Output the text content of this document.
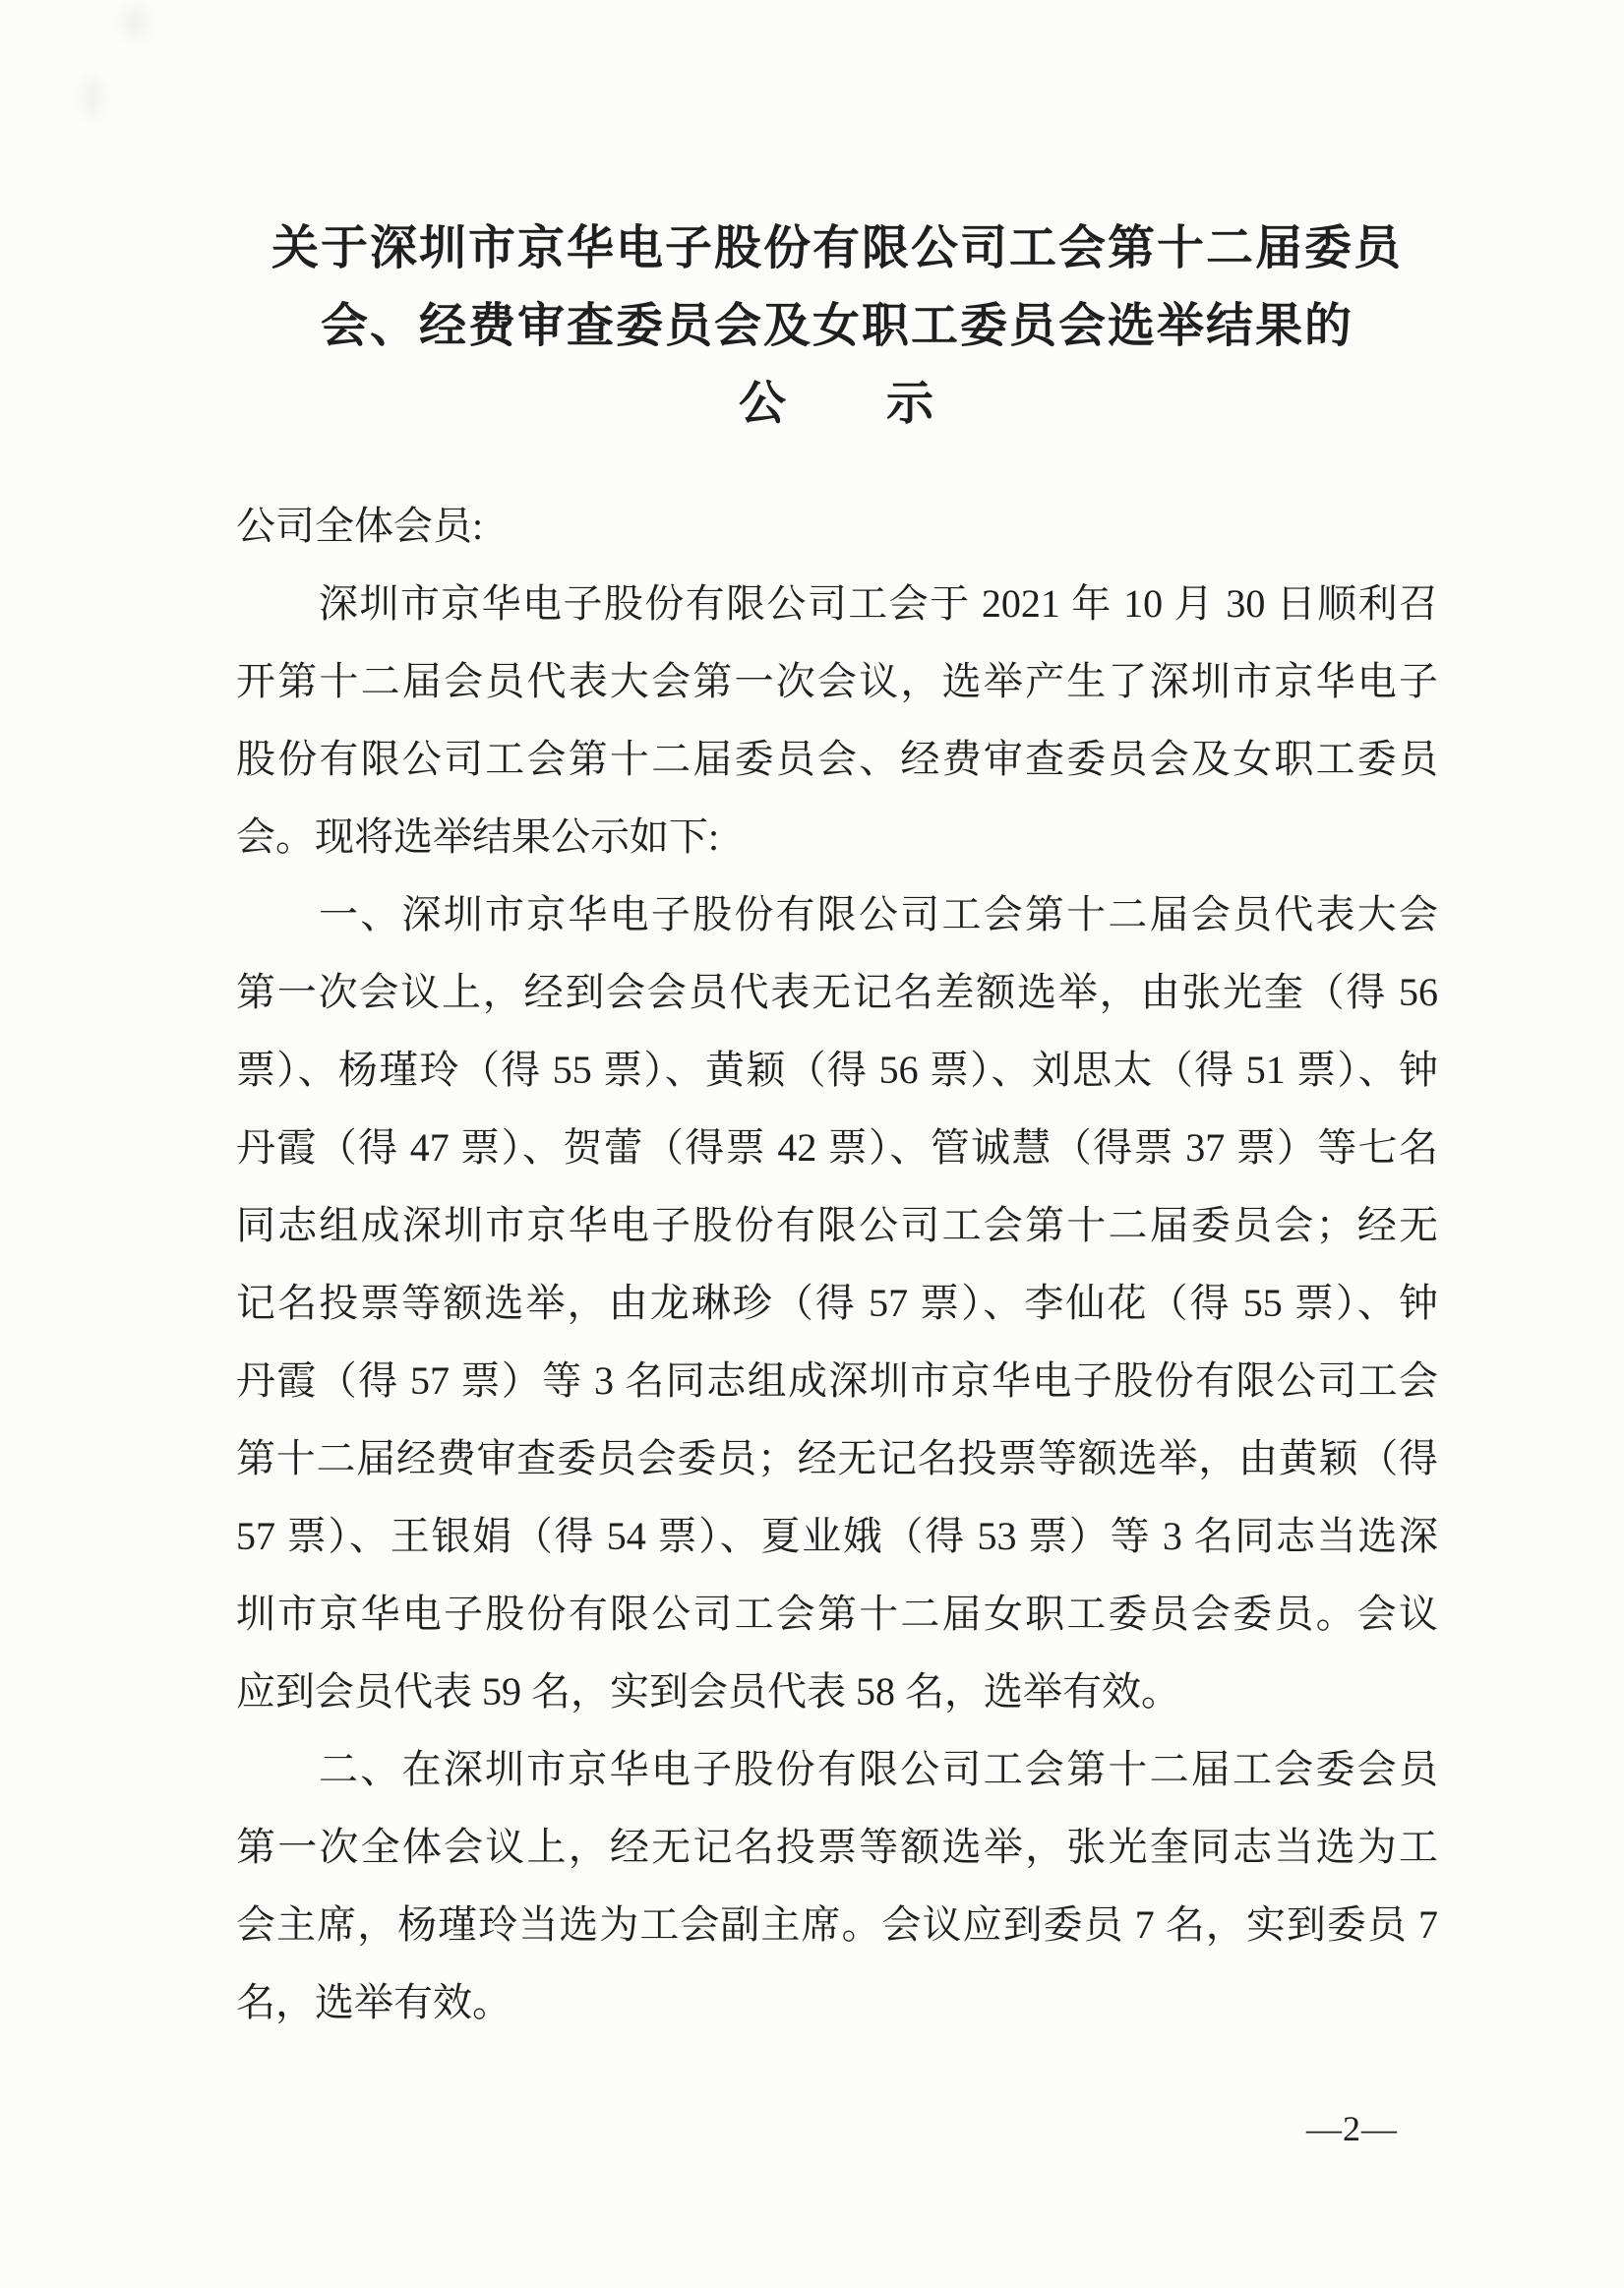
关于深圳市京华电子股份有限公司工会第十二届委员
会、经费审查委员会及女职工委员会选举结果的
公　　示
公司全体会员:
深圳市京华电子股份有限公司工会于 2021 年 10 月 30 日顺利召
开第十二届会员代表大会第一次会议，选举产生了深圳市京华电子
股份有限公司工会第十二届委员会、经费审查委员会及女职工委员
会。现将选举结果公示如下:
一、深圳市京华电子股份有限公司工会第十二届会员代表大会
第一次会议上，经到会会员代表无记名差额选举，由张光奎（得 56
票）、杨瑾玲（得 55 票）、黄颖（得 56 票）、刘思太（得 51 票）、钟
丹霞（得 47 票）、贺蕾（得票 42 票）、管诚慧（得票 37 票）等七名
同志组成深圳市京华电子股份有限公司工会第十二届委员会；经无
记名投票等额选举，由龙琳珍（得 57 票）、李仙花（得 55 票）、钟
丹霞（得 57 票）等 3 名同志组成深圳市京华电子股份有限公司工会
第十二届经费审查委员会委员；经无记名投票等额选举，由黄颖（得
57 票）、王银娟（得 54 票）、夏业娥（得 53 票）等 3 名同志当选深
圳市京华电子股份有限公司工会第十二届女职工委员会委员。会议
应到会员代表 59 名，实到会员代表 58 名，选举有效。
二、在深圳市京华电子股份有限公司工会第十二届工会委会员
第一次全体会议上，经无记名投票等额选举，张光奎同志当选为工
会主席，杨瑾玲当选为工会副主席。会议应到委员 7 名，实到委员 7
名，选举有效。
—2—
